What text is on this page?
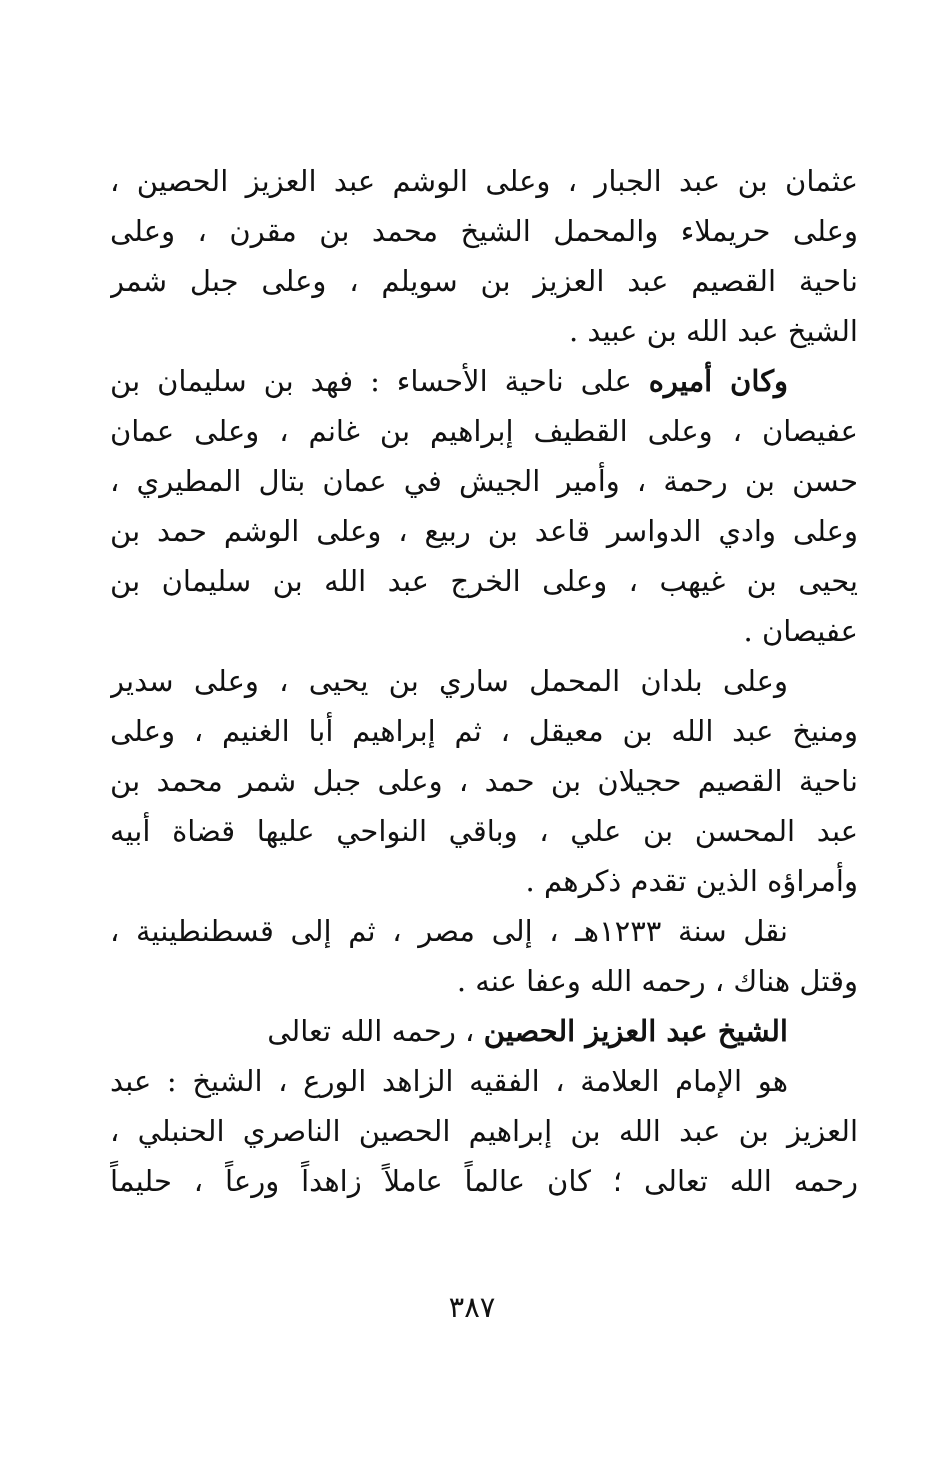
عثمان بن عبد الجبار ، وعلى الوشم عبد العزيز الحصين ،
وعلى حريملاء والمحمل الشيخ محمد بن مقرن ، وعلى
ناحية القصيم عبد العزيز بن سويلم ، وعلى جبل شمر
الشيخ عبد الله بن عبيد .
وكان أميره على ناحية الأحساء : فهد بن سليمان بن
عفيصان ، وعلى القطيف إبراهيم بن غانم ، وعلى عمان
حسن بن رحمة ، وأمير الجيش في عمان بتال المطيري ،
وعلى وادي الدواسر قاعد بن ربيع ، وعلى الوشم حمد بن
يحيى بن غيهب ، وعلى الخرج عبد الله بن سليمان بن
عفيصان .
وعلى بلدان المحمل ساري بن يحيى ، وعلى سدير
ومنيخ عبد الله بن معيقل ، ثم إبراهيم أبا الغنيم ، وعلى
ناحية القصيم حجيلان بن حمد ، وعلى جبل شمر محمد بن
عبد المحسن بن علي ، وباقي النواحي عليها قضاة أبيه
وأمراؤه الذين تقدم ذكرهم .
نقل سنة ١٢٣٣هـ ، إلى مصر ، ثم إلى قسطنطينية ،
وقتل هناك ، رحمه الله وعفا عنه .
الشيخ عبد العزيز الحصين ، رحمه الله تعالى
هو الإمام العلامة ، الفقيه الزاهد الورع ، الشيخ : عبد
العزيز بن عبد الله بن إبراهيم الحصين الناصري الحنبلي ،
رحمه الله تعالى ؛ كان عالماً عاملاً زاهداً ورعاً ، حليماً
٣٨٧
